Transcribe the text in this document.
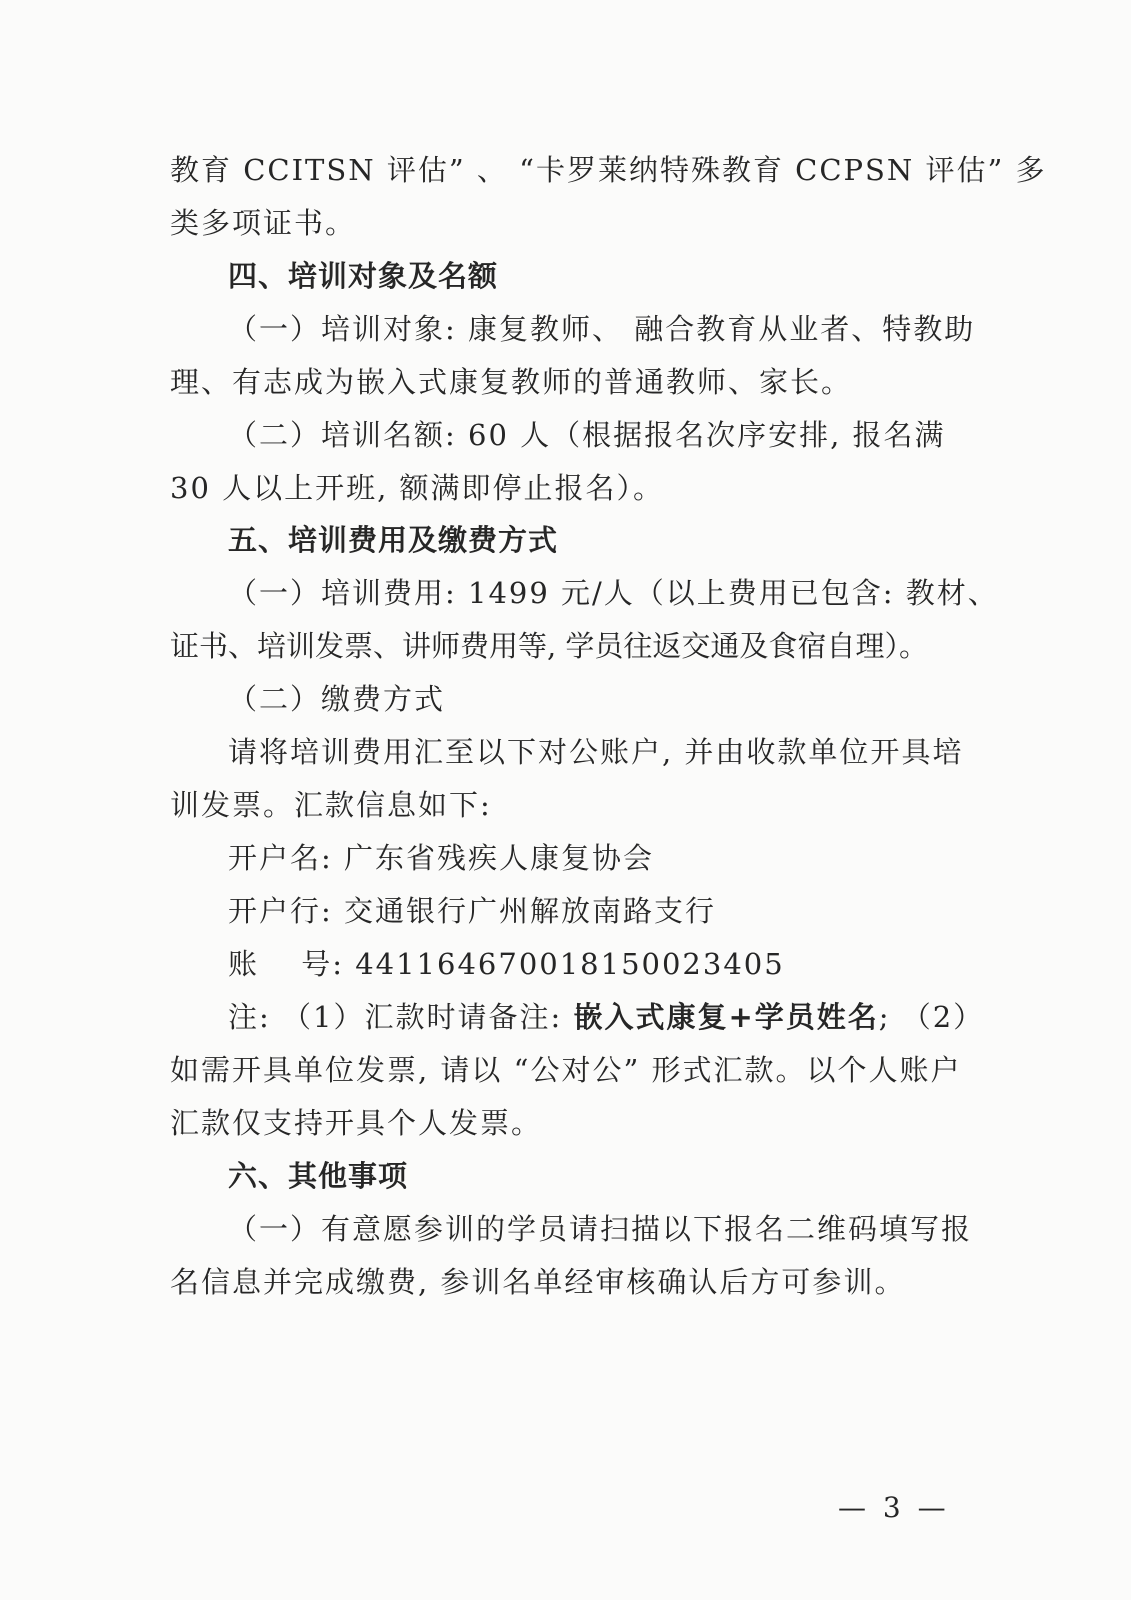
教育 CCITSN 评估” 、 “卡罗莱纳特殊教育 CCPSN 评估” 多
类多项证书。
四、培训对象及名额
（一）培训对象: 康复教师、 融合教育从业者、特教助
理、有志成为嵌入式康复教师的普通教师、家长。
（二）培训名额: 60 人（根据报名次序安排, 报名满
30 人以上开班, 额满即停止报名）。
五、培训费用及缴费方式
（一）培训费用: 1499 元/人（以上费用已包含: 教材、
证书、培训发票、讲师费用等, 学员往返交通及食宿自理）。
（二）缴费方式
请将培训费用汇至以下对公账户, 并由收款单位开具培
训发票。汇款信息如下:
开户名: 广东省残疾人康复协会
开户行: 交通银行广州解放南路支行
账　 号: 441164670018150023405
注: （1）汇款时请备注: 嵌入式康复+学员姓名; （2）
如需开具单位发票, 请以 “公对公” 形式汇款。以个人账户
汇款仅支持开具个人发票。
六、其他事项
（一）有意愿参训的学员请扫描以下报名二维码填写报
名信息并完成缴费, 参训名单经审核确认后方可参训。
— 3 —
